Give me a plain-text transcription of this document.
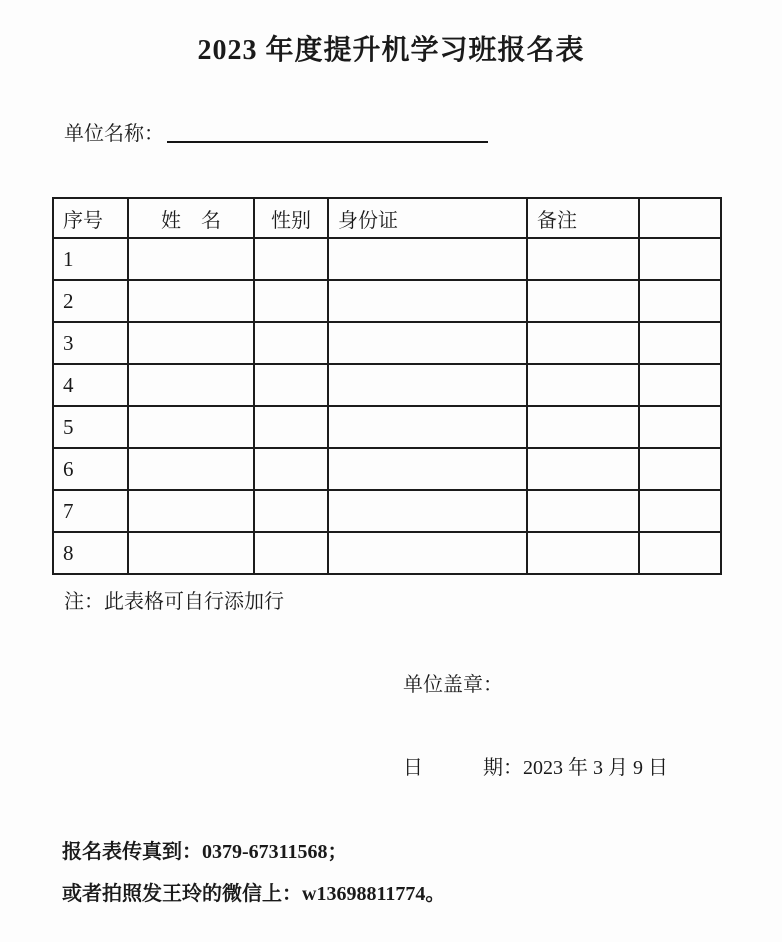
2023 年度提升机学习班报名表
单位名称：
序号	姓　名	性别	身份证	备注	
1					
2					
3					
4					
5					
6					
7					
8					
注：此表格可自行添加行
单位盖章：
日　　　期：2023 年 3 月 9 日
报名表传真到：0379-67311568；
或者拍照发王玲的微信上：w13698811774。
